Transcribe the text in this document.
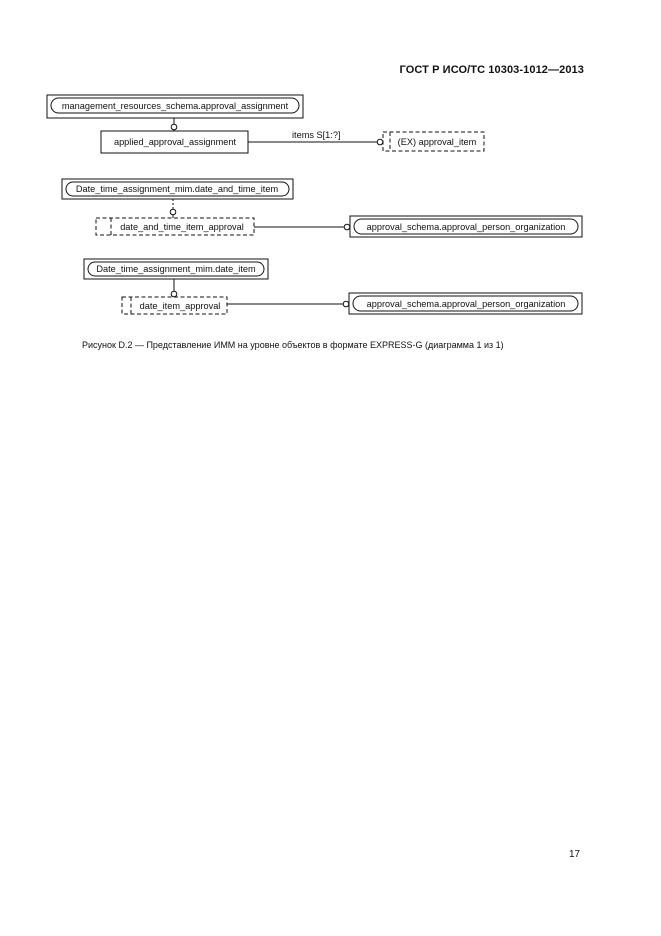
ГОСТ Р ИСО/ТС 10303-1012—2013
management_resources_schema.approval_assignment
applied_approval_assignment
items S[1:?]
(EX) approval_item
Date_time_assignment_mim.date_and_time_item
date_and_time_item_approval	approval_schema.approval_person_organization
Date_time_assignment_mim.date_item
date_item_approval	approval_schema.approval_person_organization
Рисунок D.2 — Представление ИММ на уровне объектов в формате EXPRESS-G (диаграмма 1 из 1)
17
